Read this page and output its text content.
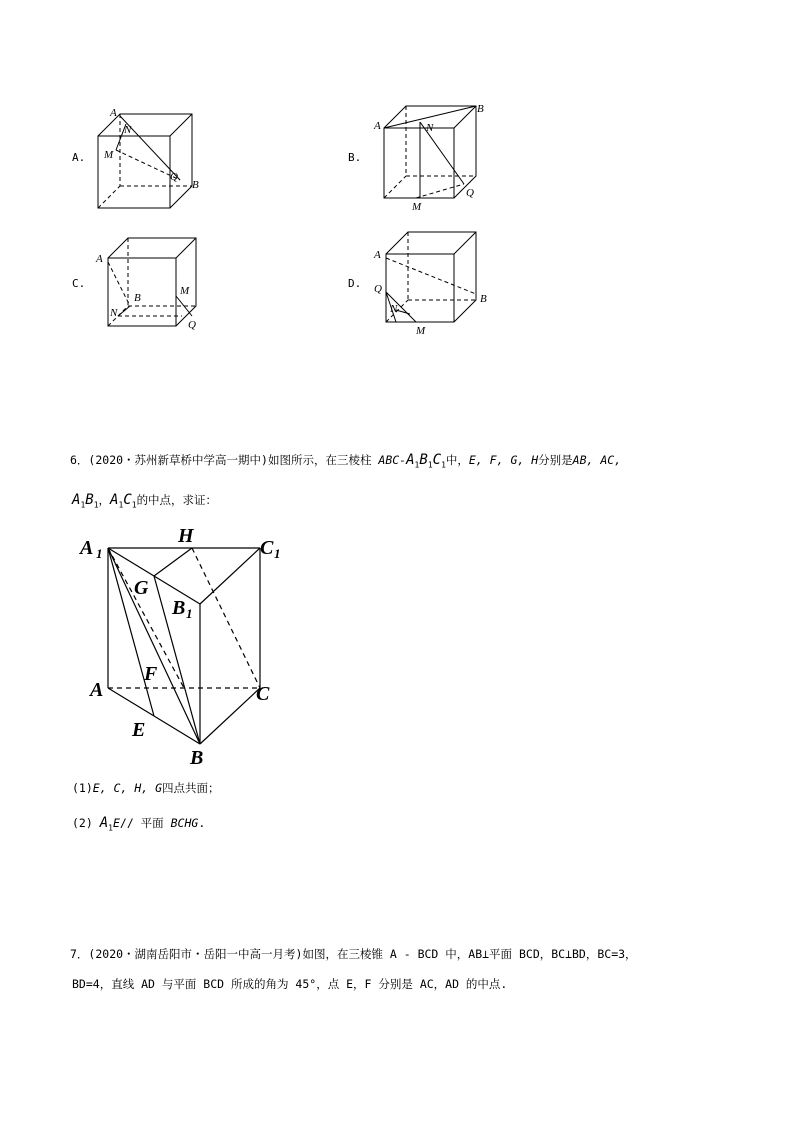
A.
A
N
M
Q
B
B.
A	N
B
M
Q
C.
A
B
M
N
Q
D.
A
B
Q
N
M
6．(2020・苏州新草桥中学高一期中)如图所示，在三棱柱 ABC-$A_1B_1C_1$中，E, F, G, H分别是AB, AC,
$A_1B_1$，$A_1C_1$的中点，求证：
A 1
H
C 1
G
B 1
F
A	C
E
B
(1)E, C, H, G四点共面；
(2) $A_1E//$ 平面 BCHG.
7．(2020・湖南岳阳市・岳阳一中高一月考)如图，在三棱锥 A - BCD 中，AB⊥平面 BCD，BC⊥BD，BC=3，
BD=4，直线 AD 与平面 BCD 所成的角为 45°，点 E，F 分别是 AC，AD 的中点.
